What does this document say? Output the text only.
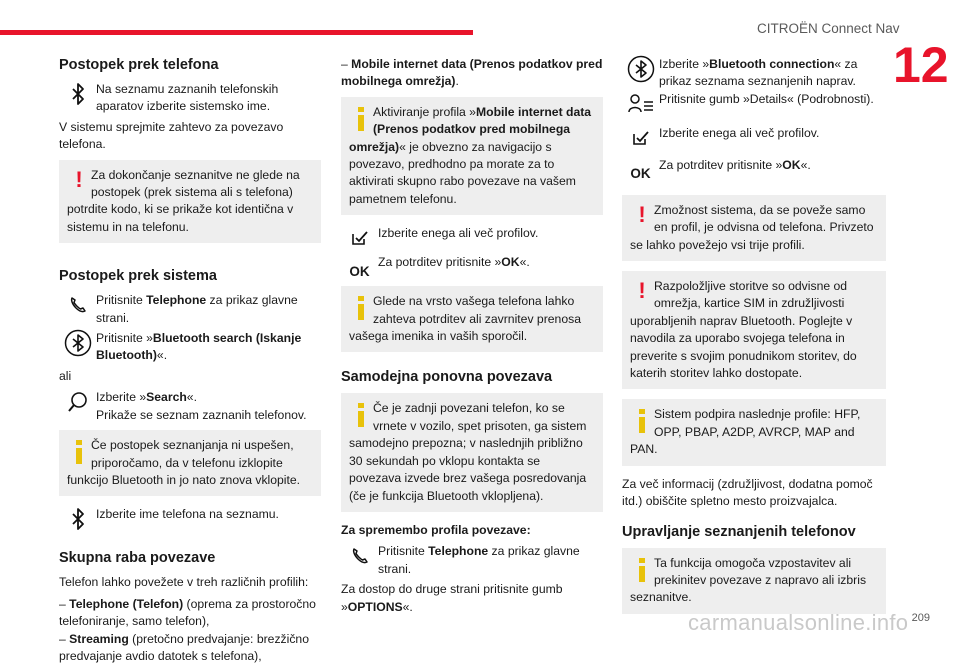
CITROËN Connect Nav
12
Postopek prek telefona
Na seznamu zaznanih telefonskih aparatov izberite sistemsko ime.
V sistemu sprejmite zahtevo za povezavo telefona.
! Za dokončanje seznanitve ne glede na postopek (prek sistema ali s telefona) potrdite kodo, ki se prikaže kot identična v sistemu in na telefonu.
Postopek prek sistema
Pritisnite Telephone za prikaz glavne strani.
Pritisnite »Bluetooth search (Iskanje Bluetooth)«.
ali
Izberite »Search«.
Prikaže se seznam zaznanih telefonov.
Če postopek seznanjanja ni uspešen, priporočamo, da v telefonu izklopite funkcijo Bluetooth in jo nato znova vklopite.
Izberite ime telefona na seznamu.
Skupna raba povezave
Telefon lahko povežete v treh različnih profilih:
– Telephone (Telefon) (oprema za prostoročno telefoniranje, samo telefon),
– Streaming (pretočno predvajanje: brezžično predvajanje avdio datotek s telefona),
– Mobile internet data (Prenos podatkov pred mobilnega omrežja).
Aktiviranje profila »Mobile internet data (Prenos podatkov pred mobilnega omrežja)« je obvezno za navigacijo s povezavo, predhodno pa morate za to aktivirati skupno rabo povezave na vašem pametnem telefonu.
Izberite enega ali več profilov.
OK
Za potrditev pritisnite »OK«.
Glede na vrsto vašega telefona lahko zahteva potrditev ali zavrnitev prenosa vašega imenika in vaših sporočil.
Samodejna ponovna povezava
Če je zadnji povezani telefon, ko se vrnete v vozilo, spet prisoten, ga sistem samodejno prepozna; v naslednjih približno 30 sekundah po vklopu kontakta se povezava izvede brez vašega posredovanja (če je funkcija Bluetooth vklopljena).
Za spremembo profila povezave:
Pritisnite Telephone za prikaz glavne strani.
Za dostop do druge strani pritisnite gumb »OPTIONS«.
Izberite »Bluetooth connection« za prikaz seznama seznanjenih naprav.
Pritisnite gumb »Details« (Podrobnosti).
Izberite enega ali več profilov.
OK
Za potrditev pritisnite »OK«.
! Zmožnost sistema, da se poveže samo en profil, je odvisna od telefona. Privzeto se lahko povežejo vsi trije profili.
! Razpoložljive storitve so odvisne od omrežja, kartice SIM in združljivosti uporabljenih naprav Bluetooth. Poglejte v navodila za uporabo svojega telefona in preverite s svojim ponudnikom storitev, do katerih storitev lahko dostopate.
Sistem podpira naslednje profile: HFP, OPP, PBAP, A2DP, AVRCP, MAP and PAN.
Za več informacij (združljivost, dodatna pomoč itd.) obiščite spletno mesto proizvajalca.
Upravljanje seznanjenih telefonov
Ta funkcija omogoča vzpostavitev ali prekinitev povezave z napravo ali izbris seznanitve.
carmanualsonline.info 209
